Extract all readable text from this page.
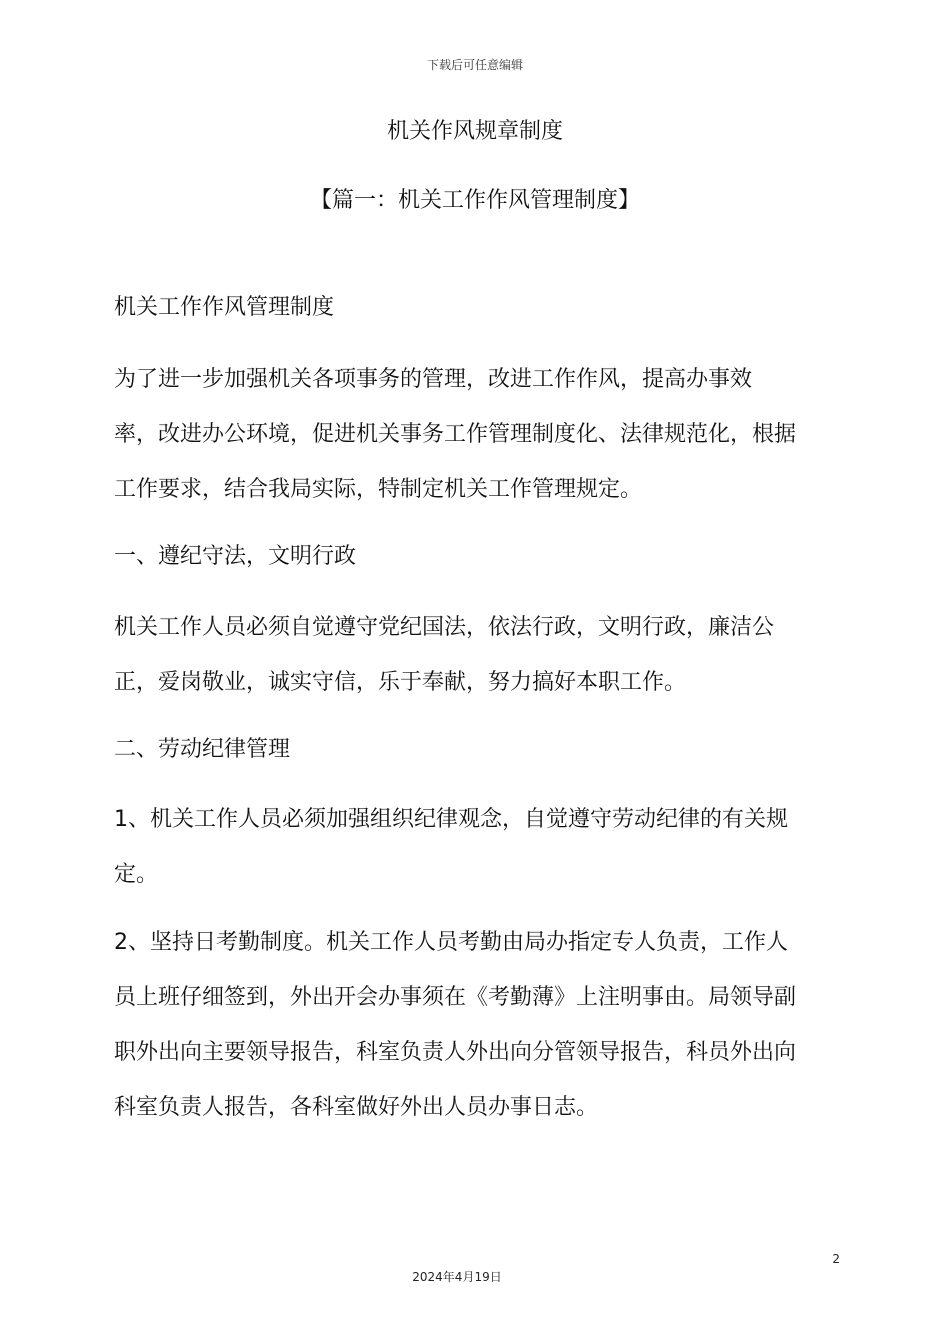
下载后可任意编辑
机关作风规章制度
【篇一：机关工作作风管理制度】
机关工作作风管理制度
为了进一步加强机关各项事务的管理，改进工作作风，提高办事效
率，改进办公环境，促进机关事务工作管理制度化、法律规范化，根据
工作要求，结合我局实际，特制定机关工作管理规定。
一、遵纪守法，文明行政
机关工作人员必须自觉遵守党纪国法，依法行政，文明行政，廉洁公
正，爱岗敬业，诚实守信，乐于奉献，努力搞好本职工作。
二、劳动纪律管理
1、机关工作人员必须加强组织纪律观念，自觉遵守劳动纪律的有关规
定。
2、坚持日考勤制度。机关工作人员考勤由局办指定专人负责，工作人
员上班仔细签到，外出开会办事须在《考勤薄》上注明事由。局领导副
职外出向主要领导报告，科室负责人外出向分管领导报告，科员外出向
科室负责人报告，各科室做好外出人员办事日志。
2
2024年4月19日
